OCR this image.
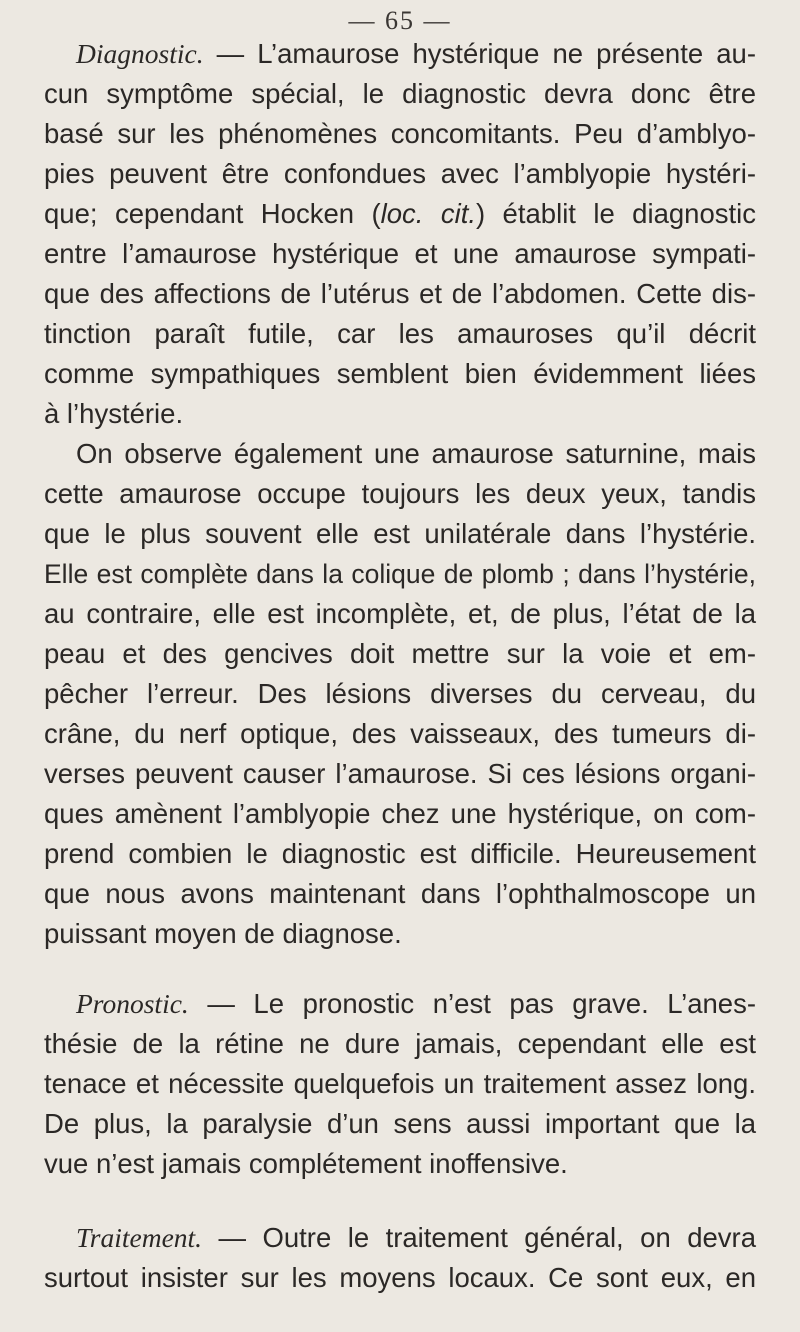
— 65 —
Diagnostic. — L’amaurose hystérique ne présente au-
cun symptôme spécial, le diagnostic devra donc être
basé sur les phénomènes concomitants. Peu d’amblyo-
pies peuvent être confondues avec l’amblyopie hystéri-
que; cependant Hocken (loc. cit.) établit le diagnostic
entre l’amaurose hystérique et une amaurose sympati-
que des affections de l’utérus et de l’abdomen. Cette dis-
tinction paraît futile, car les amauroses qu’il décrit
comme sympathiques semblent bien évidemment liées
à l’hystérie.
On observe également une amaurose saturnine, mais
cette amaurose occupe toujours les deux yeux, tandis
que le plus souvent elle est unilatérale dans l’hystérie.
Elle est complète dans la colique de plomb ; dans l’hystérie,
au contraire, elle est incomplète, et, de plus, l’état de la
peau et des gencives doit mettre sur la voie et em-
pêcher l’erreur. Des lésions diverses du cerveau, du
crâne, du nerf optique, des vaisseaux, des tumeurs di-
verses peuvent causer l’amaurose. Si ces lésions organi-
ques amènent l’amblyopie chez une hystérique, on com-
prend combien le diagnostic est difficile. Heureusement
que nous avons maintenant dans l’ophthalmoscope un
puissant moyen de diagnose.
Pronostic. — Le pronostic n’est pas grave. L’anes-
thésie de la rétine ne dure jamais, cependant elle est
tenace et nécessite quelquefois un traitement assez long.
De plus, la paralysie d’un sens aussi important que la
vue n’est jamais complétement inoffensive.
Traitement. — Outre le traitement général, on devra
surtout insister sur les moyens locaux. Ce sont eux, en
